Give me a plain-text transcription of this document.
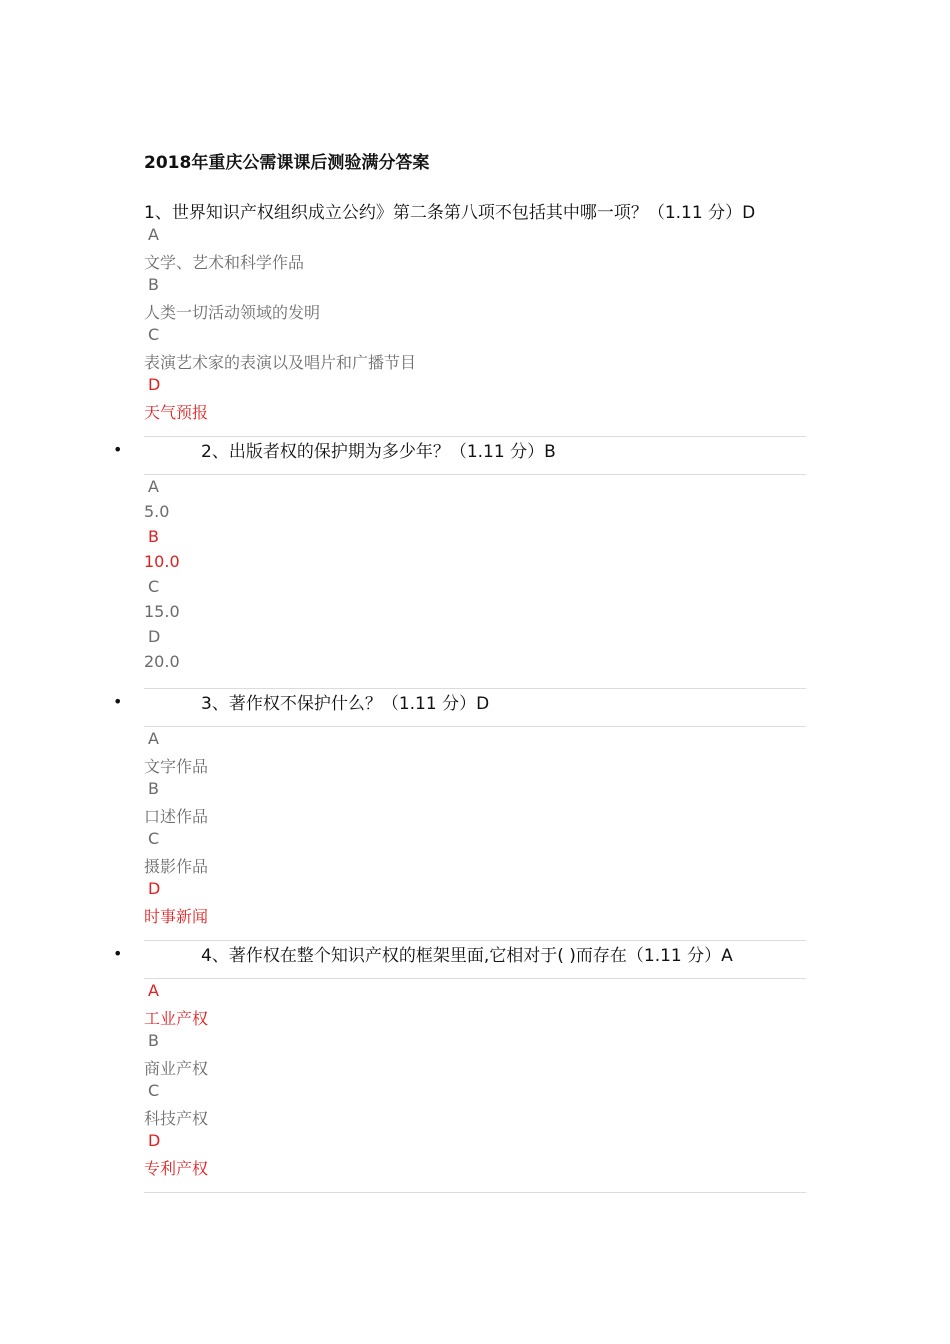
2018年重庆公需课课后测验满分答案
1、世界知识产权组织成立公约》第二条第八项不包括其中哪一项？（1.11 分）D
A
文学、艺术和科学作品
B
人类一切活动领域的发明
C
表演艺术家的表演以及唱片和广播节目
D
天气预报
•	2、出版者权的保护期为多少年？（1.11 分）B
A
5.0
B
10.0
C
15.0
D
20.0
•	3、著作权不保护什么？（1.11 分）D
A
文字作品
B
口述作品
C
摄影作品
D
时事新闻
•	4、著作权在整个知识产权的框架里面,它相对于( )而存在（1.11 分）A
A
工业产权
B
商业产权
C
科技产权
D
专利产权
